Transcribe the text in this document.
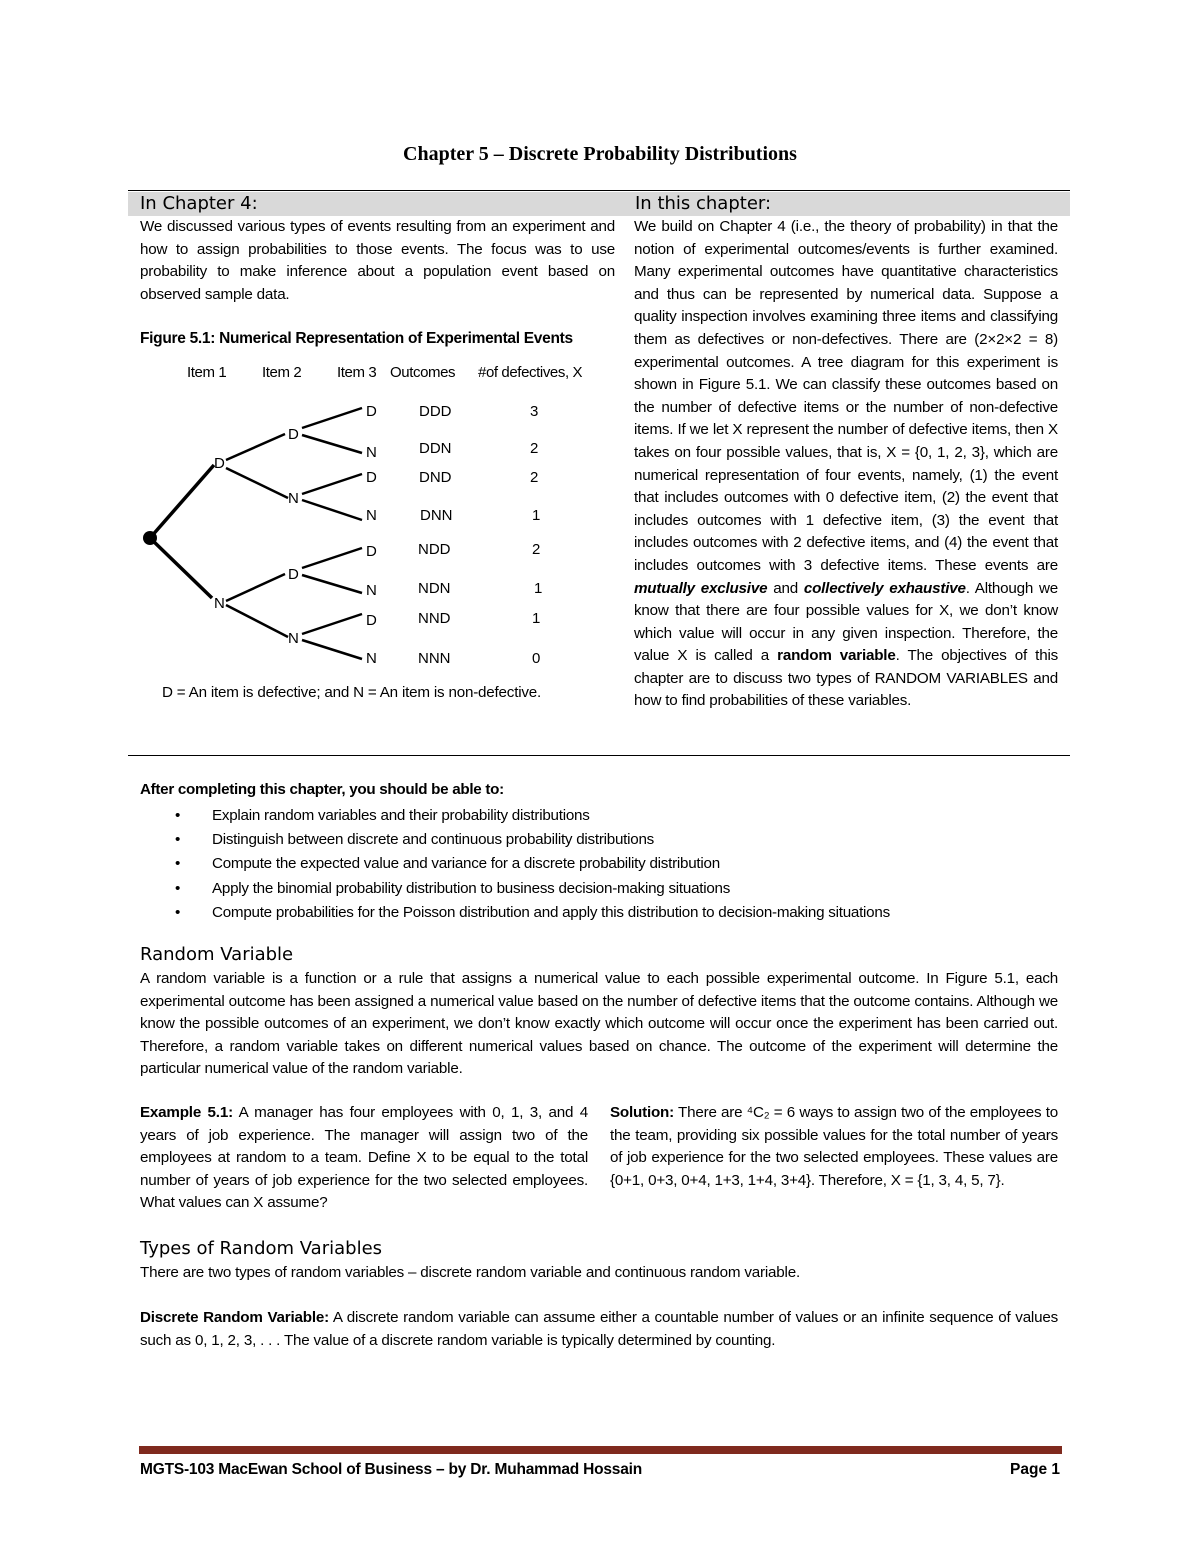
Chapter 5 – Discrete Probability Distributions
In Chapter 4:	In this chapter:
We discussed various types of events resulting from an experiment and how to assign probabilities to those events. The focus was to use probability to make inference about a population event based on observed sample data.
Figure 5.1: Numerical Representation of Experimental Events
Item 1 Item 2 Item 3 Outcomes #of defectives, X
D
N
D
N
D
N
D	DDD	3
N	DDN	2
D	DND	2
N	DNN	1
D	NDD	2
N	NDN	1
D	NND	1
N	NNN	0
D = An item is defective; and N = An item is non-defective.
We build on Chapter 4 (i.e., the theory of probability) in that the notion of experimental outcomes/events is further examined. Many experimental outcomes have quantitative characteristics and thus can be represented by numerical data. Suppose a quality inspection involves examining three items and classifying them as defectives or non-defectives. There are (2×2×2 = 8) experimental outcomes. A tree diagram for this experiment is shown in Figure 5.1. We can classify these outcomes based on the number of defective items or the number of non-defective items. If we let X represent the number of defective items, then X takes on four possible values, that is, X = {0, 1, 2, 3}, which are numerical representation of four events, namely, (1) the event that includes outcomes with 0 defective item, (2) the event that includes outcomes with 1 defective item, (3) the event that includes outcomes with 2 defective items, and (4) the event that includes outcomes with 3 defective items. These events are mutually exclusive and collectively exhaustive. Although we know that there are four possible values for X, we don’t know which value will occur in any given inspection. Therefore, the value X is called a random variable. The objectives of this chapter are to discuss two types of RANDOM VARIABLES and how to find probabilities of these variables.
After completing this chapter, you should be able to:
• Explain random variables and their probability distributions
• Distinguish between discrete and continuous probability distributions
• Compute the expected value and variance for a discrete probability distribution
• Apply the binomial probability distribution to business decision-making situations
• Compute probabilities for the Poisson distribution and apply this distribution to decision-making situations
Random Variable
A random variable is a function or a rule that assigns a numerical value to each possible experimental outcome. In Figure 5.1, each experimental outcome has been assigned a numerical value based on the number of defective items that the outcome contains. Although we know the possible outcomes of an experiment, we don’t know exactly which outcome will occur once the experiment has been carried out. Therefore, a random variable takes on different numerical values based on chance. The outcome of the experiment will determine the particular numerical value of the random variable.
Example 5.1: A manager has four employees with 0, 1, 3, and 4 years of job experience. The manager will assign two of the employees at random to a team. Define X to be equal to the total number of years of job experience for the two selected employees. What values can X assume?
Solution: There are ⁴C₂ = 6 ways to assign two of the employees to the team, providing six possible values for the total number of years of job experience for the two selected employees. These values are {0+1, 0+3, 0+4, 1+3, 1+4, 3+4}. Therefore, X = {1, 3, 4, 5, 7}.
Types of Random Variables
There are two types of random variables – discrete random variable and continuous random variable.
Discrete Random Variable: A discrete random variable can assume either a countable number of values or an infinite sequence of values such as 0, 1, 2, 3, . . . The value of a discrete random variable is typically determined by counting.
MGTS-103 MacEwan School of Business – by Dr. Muhammad Hossain	Page 1
